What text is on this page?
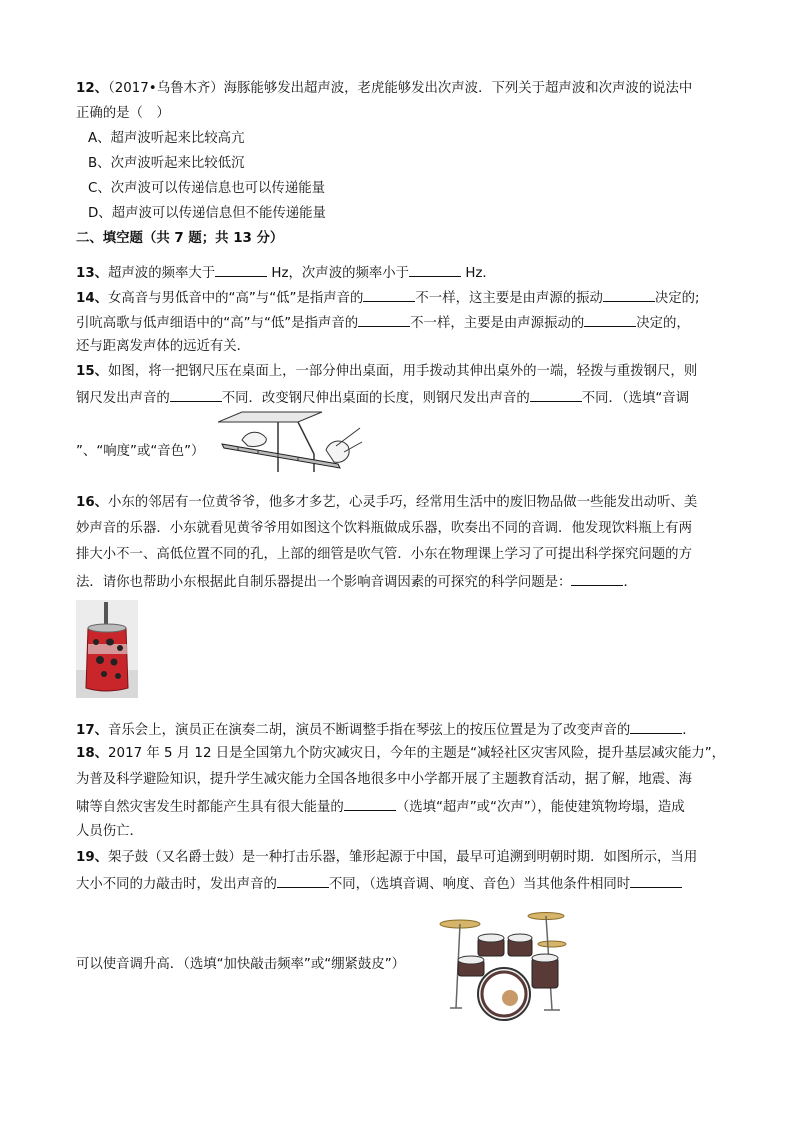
12、（2017•乌鲁木齐）海豚能够发出超声波，老虎能够发出次声波．下列关于超声波和次声波的说法中
正确的是（　）
A、超声波听起来比较高亢
B、次声波听起来比较低沉
C、次声波可以传递信息也可以传递能量
D、超声波可以传递信息但不能传递能量
二、填空题（共 7 题；共 13 分）
13、超声波的频率大于	Hz，次声波的频率小于	Hz．
14、女高音与男低音中的“高”与“低”是指声音的	不一样，这主要是由声源的振动	决定的;
引吭高歌与低声细语中的“高”与“低”是指声音的	不一样，主要是由声源振动的	决定的，
还与距离发声体的远近有关．
15、如图，将一把钢尺压在桌面上，一部分伸出桌面，用手拨动其伸出桌外的一端，轻拨与重拨钢尺，则
钢尺发出声音的	不同．改变钢尺伸出桌面的长度，则钢尺发出声音的	不同．（选填“音调
”、“响度”或“音色”）
16、小东的邻居有一位黄爷爷，他多才多艺，心灵手巧，经常用生活中的废旧物品做一些能发出动听、美
妙声音的乐器．小东就看见黄爷爷用如图这个饮料瓶做成乐器，吹奏出不同的音调．他发现饮料瓶上有两
排大小不一、高低位置不同的孔，上部的细管是吹气管．小东在物理课上学习了可提出科学探究问题的方
法．请你也帮助小东根据此自制乐器提出一个影响音调因素的可探究的科学问题是：	．
17、音乐会上，演员正在演奏二胡，演员不断调整手指在琴弦上的按压位置是为了改变声音的	．
18、2017 年 5 月 12 日是全国第九个防灾减灾日，今年的主题是“减轻社区灾害风险，提升基层减灾能力”，
为普及科学避险知识，提升学生减灾能力全国各地很多中小学都开展了主题教育活动，据了解，地震、海
啸等自然灾害发生时都能产生具有很大能量的	（选填“超声”或“次声”），能使建筑物垮塌，造成
人员伤亡．
19、架子鼓（又名爵士鼓）是一种打击乐器，雏形起源于中国，最早可追溯到明朝时期．如图所示，当用
大小不同的力敲击时，发出声音的	不同，（选填音调、响度、音色）当其他条件相同时
可以使音调升高．（选填“加快敲击频率”或“绷紧鼓皮”）
